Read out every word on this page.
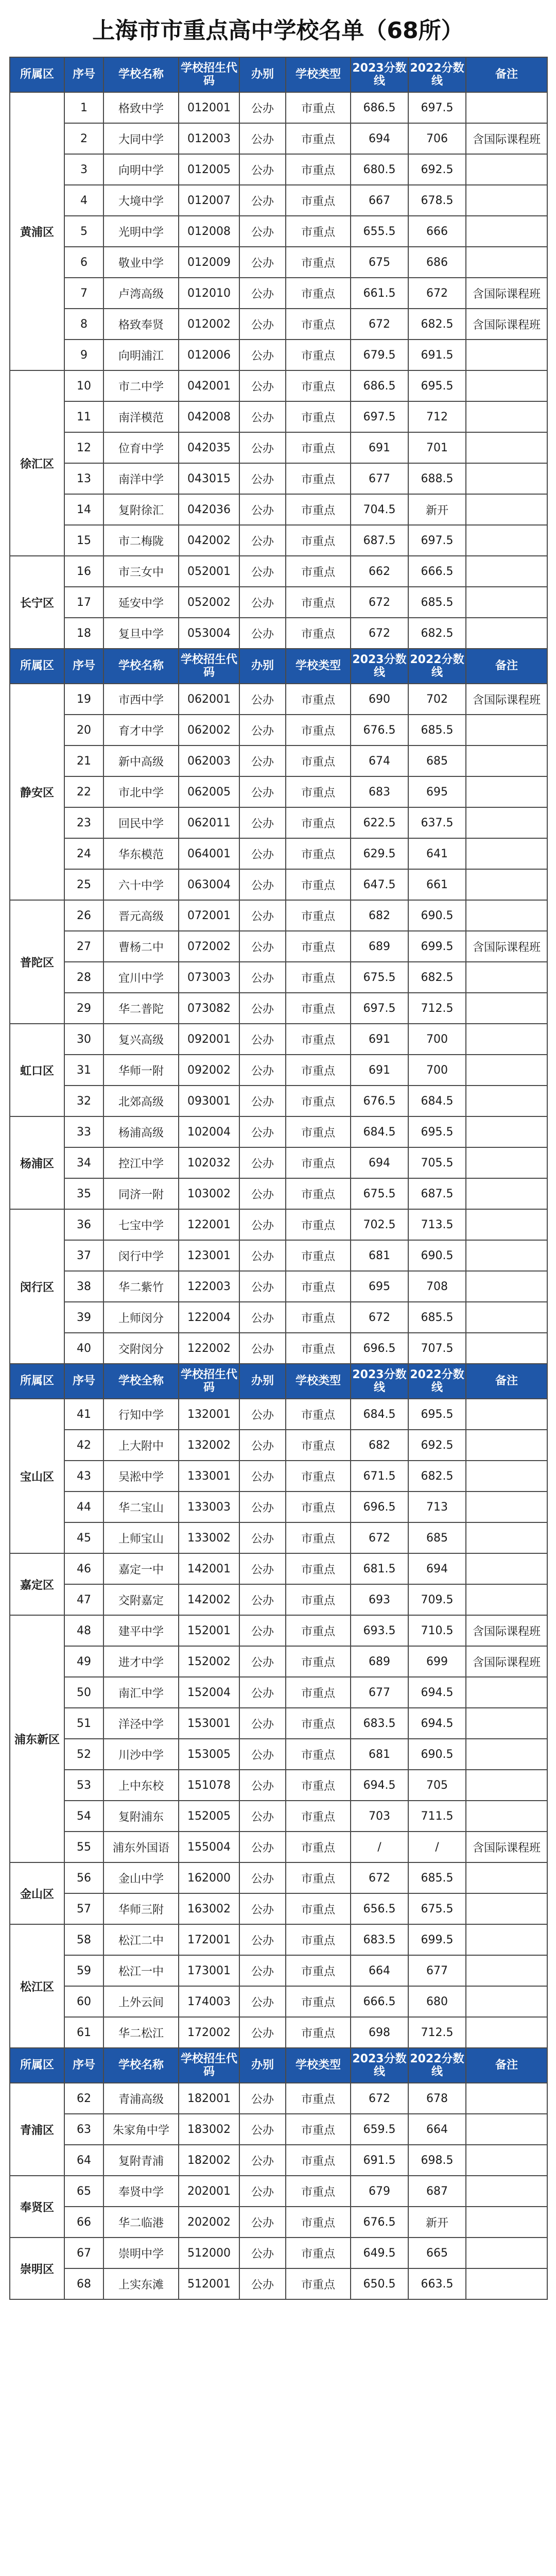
上海市市重点高中学校名单（68所）
所属区	序号	学校名称	学校招生代码	办别	学校类型	2023分数线	2022分数线	备注
黄浦区	1	格致中学	012001	公办	市重点	686.5	697.5	
	2	大同中学	012003	公办	市重点	694	706	含国际课程班
	3	向明中学	012005	公办	市重点	680.5	692.5	
	4	大境中学	012007	公办	市重点	667	678.5	
	5	光明中学	012008	公办	市重点	655.5	666	
	6	敬业中学	012009	公办	市重点	675	686	
	7	卢湾高级	012010	公办	市重点	661.5	672	含国际课程班
	8	格致奉贤	012002	公办	市重点	672	682.5	含国际课程班
	9	向明浦江	012006	公办	市重点	679.5	691.5	
徐汇区	10	市二中学	042001	公办	市重点	686.5	695.5	
	11	南洋模范	042008	公办	市重点	697.5	712	
	12	位育中学	042035	公办	市重点	691	701	
	13	南洋中学	043015	公办	市重点	677	688.5	
	14	复附徐汇	042036	公办	市重点	704.5	新开	
	15	市二梅陇	042002	公办	市重点	687.5	697.5	
长宁区	16	市三女中	052001	公办	市重点	662	666.5	
	17	延安中学	052002	公办	市重点	672	685.5	
	18	复旦中学	053004	公办	市重点	672	682.5	
所属区	序号	学校名称	学校招生代码	办别	学校类型	2023分数线	2022分数线	备注
静安区	19	市西中学	062001	公办	市重点	690	702	含国际课程班
	20	育才中学	062002	公办	市重点	676.5	685.5	
	21	新中高级	062003	公办	市重点	674	685	
	22	市北中学	062005	公办	市重点	683	695	
	23	回民中学	062011	公办	市重点	622.5	637.5	
	24	华东模范	064001	公办	市重点	629.5	641	
	25	六十中学	063004	公办	市重点	647.5	661	
普陀区	26	晋元高级	072001	公办	市重点	682	690.5	
	27	曹杨二中	072002	公办	市重点	689	699.5	含国际课程班
	28	宜川中学	073003	公办	市重点	675.5	682.5	
	29	华二普陀	073082	公办	市重点	697.5	712.5	
虹口区	30	复兴高级	092001	公办	市重点	691	700	
	31	华师一附	092002	公办	市重点	691	700	
	32	北郊高级	093001	公办	市重点	676.5	684.5	
杨浦区	33	杨浦高级	102004	公办	市重点	684.5	695.5	
	34	控江中学	102032	公办	市重点	694	705.5	
	35	同济一附	103002	公办	市重点	675.5	687.5	
闵行区	36	七宝中学	122001	公办	市重点	702.5	713.5	
	37	闵行中学	123001	公办	市重点	681	690.5	
	38	华二紫竹	122003	公办	市重点	695	708	
	39	上师闵分	122004	公办	市重点	672	685.5	
	40	交附闵分	122002	公办	市重点	696.5	707.5	
所属区	序号	学校全称	学校招生代码	办别	学校类型	2023分数线	2022分数线	备注
宝山区	41	行知中学	132001	公办	市重点	684.5	695.5	
	42	上大附中	132002	公办	市重点	682	692.5	
	43	吴淞中学	133001	公办	市重点	671.5	682.5	
	44	华二宝山	133003	公办	市重点	696.5	713	
	45	上师宝山	133002	公办	市重点	672	685	
嘉定区	46	嘉定一中	142001	公办	市重点	681.5	694	
	47	交附嘉定	142002	公办	市重点	693	709.5	
浦东新区	48	建平中学	152001	公办	市重点	693.5	710.5	含国际课程班
	49	进才中学	152002	公办	市重点	689	699	含国际课程班
	50	南汇中学	152004	公办	市重点	677	694.5	
	51	洋泾中学	153001	公办	市重点	683.5	694.5	
	52	川沙中学	153005	公办	市重点	681	690.5	
	53	上中东校	151078	公办	市重点	694.5	705	
	54	复附浦东	152005	公办	市重点	703	711.5	
	55	浦东外国语	155004	公办	市重点	/	/	含国际课程班
金山区	56	金山中学	162000	公办	市重点	672	685.5	
	57	华师三附	163002	公办	市重点	656.5	675.5	
松江区	58	松江二中	172001	公办	市重点	683.5	699.5	
	59	松江一中	173001	公办	市重点	664	677	
	60	上外云间	174003	公办	市重点	666.5	680	
	61	华二松江	172002	公办	市重点	698	712.5	
所属区	序号	学校名称	学校招生代码	办别	学校类型	2023分数线	2022分数线	备注
青浦区	62	青浦高级	182001	公办	市重点	672	678	
	63	朱家角中学	183002	公办	市重点	659.5	664	
	64	复附青浦	182002	公办	市重点	691.5	698.5	
奉贤区	65	奉贤中学	202001	公办	市重点	679	687	
	66	华二临港	202002	公办	市重点	676.5	新开	
崇明区	67	崇明中学	512000	公办	市重点	649.5	665	
	68	上实东滩	512001	公办	市重点	650.5	663.5	
